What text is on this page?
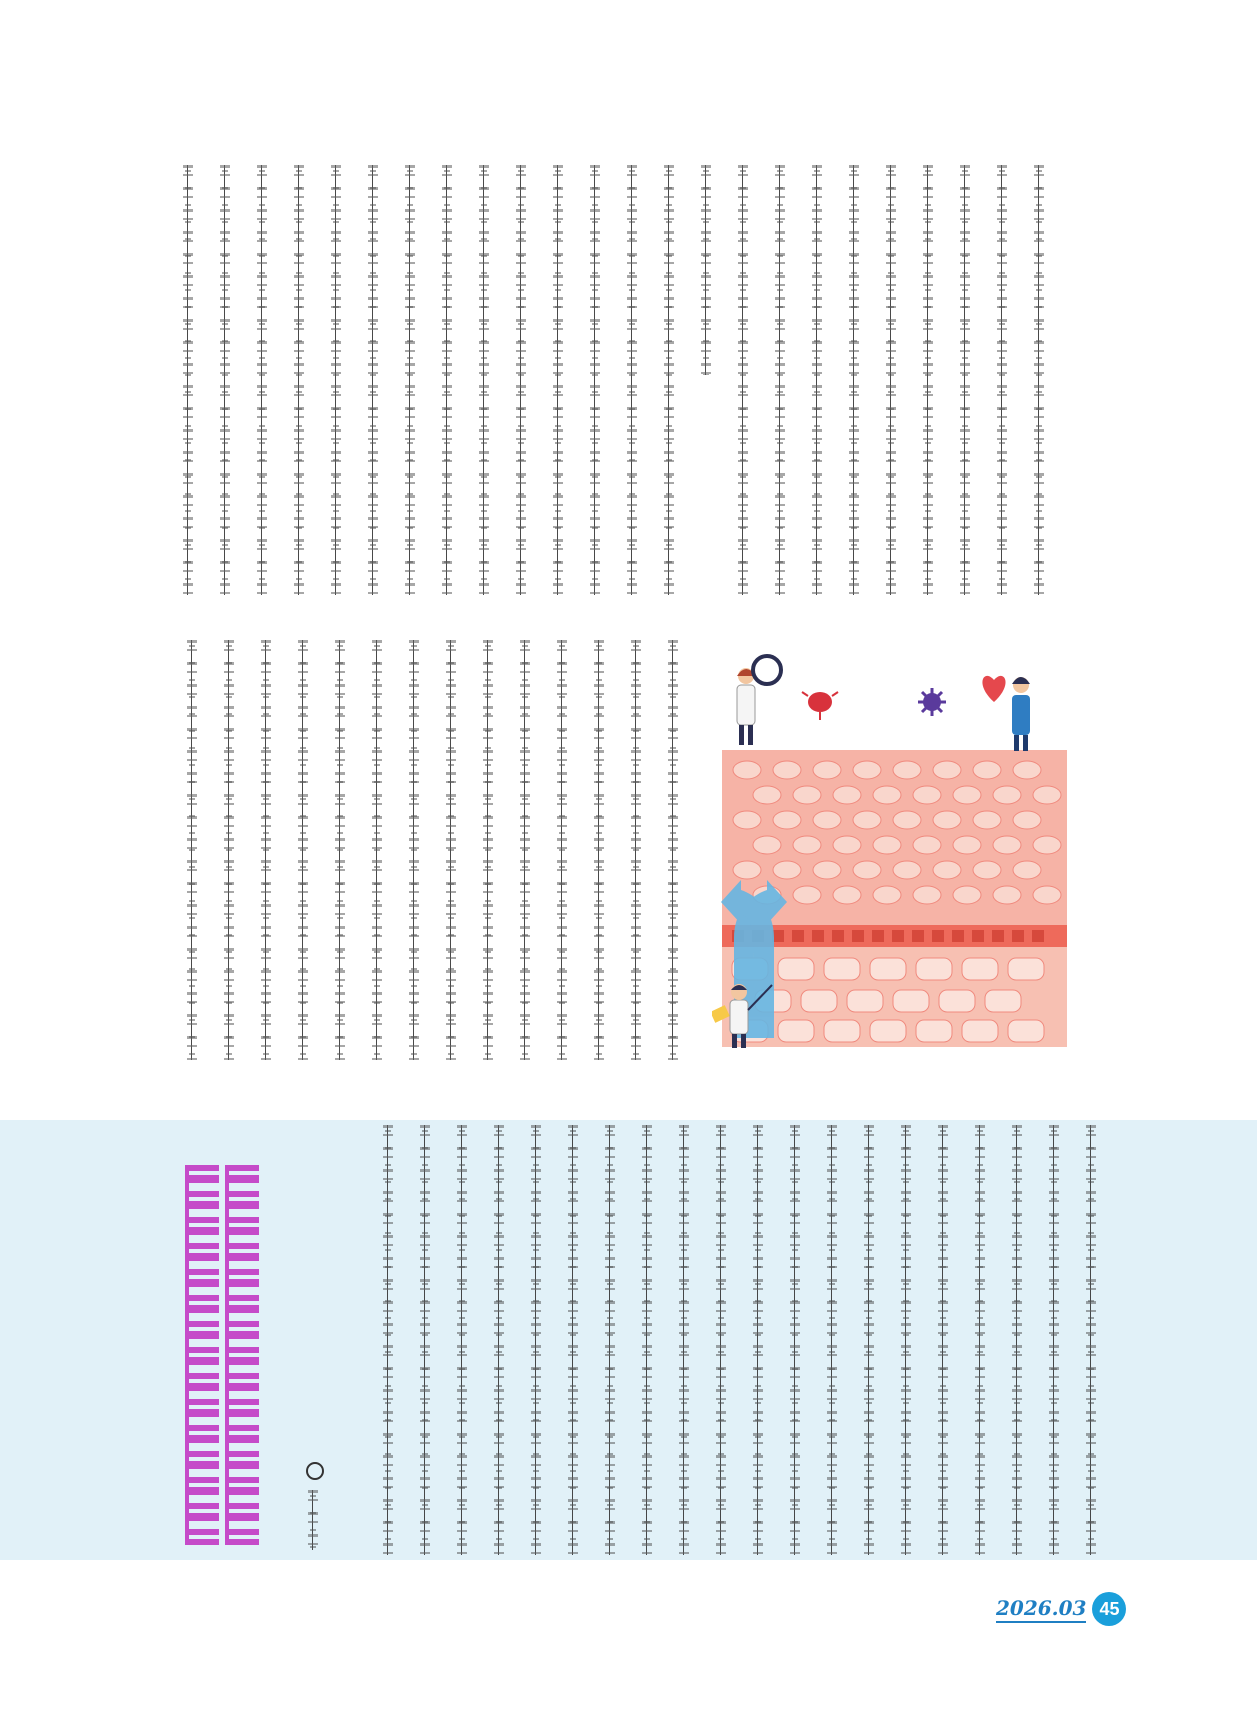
2026.03 45
